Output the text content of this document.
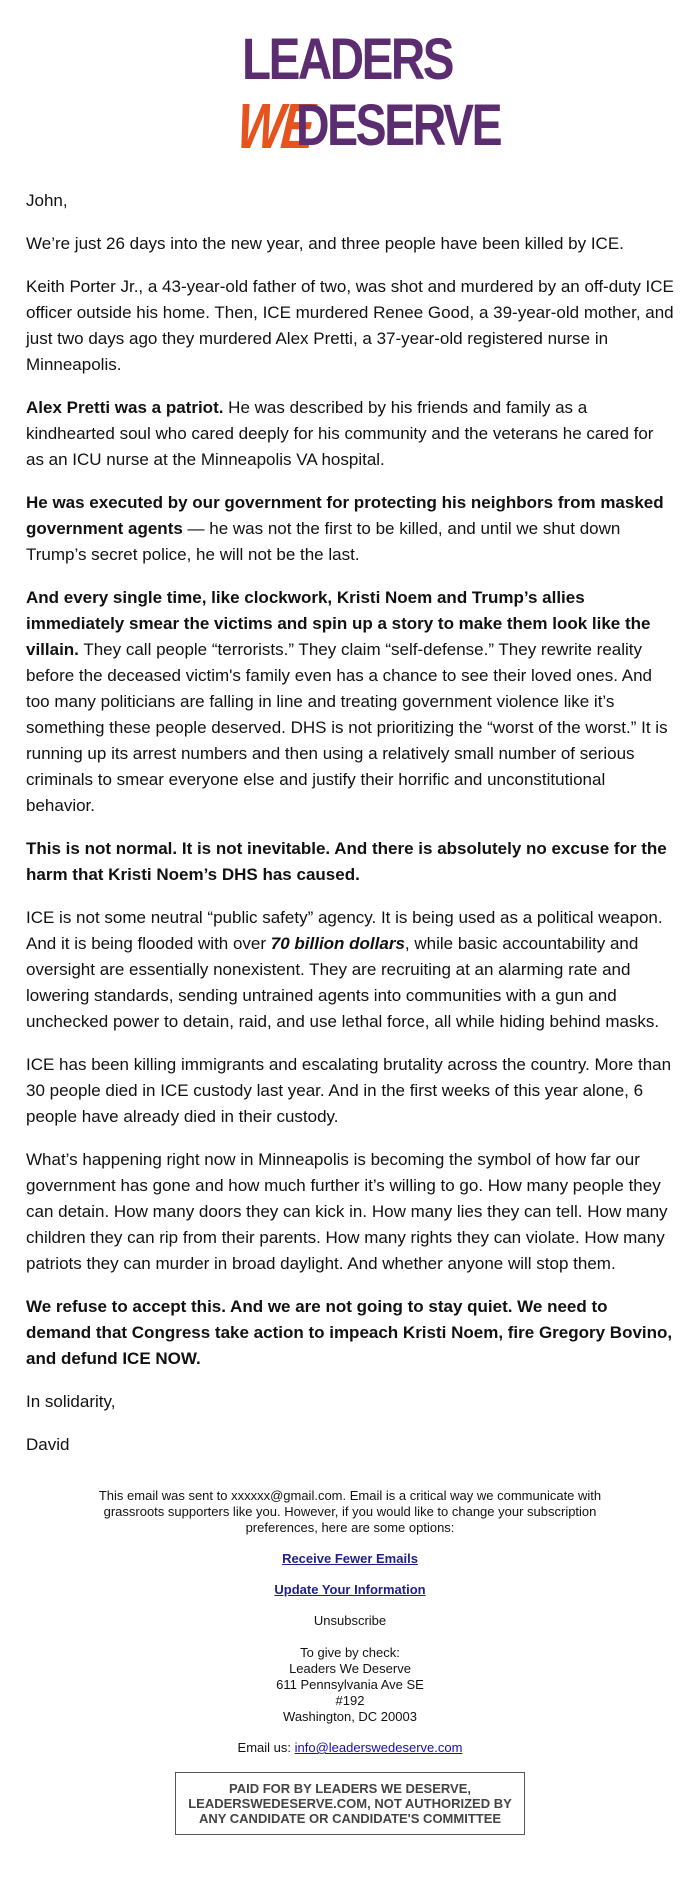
LEADERS
WE
DESERVE

John,

We’re just 26 days into the new year, and three people have been killed by ICE.

Keith Porter Jr., a 43-year-old father of two, was shot and murdered by an off-duty ICE officer outside his home. Then, ICE murdered Renee Good, a 39-year-old mother, and just two days ago they murdered Alex Pretti, a 37-year-old registered nurse in Minneapolis.

Alex Pretti was a patriot. He was described by his friends and family as a kindhearted soul who cared deeply for his community and the veterans he cared for as an ICU nurse at the Minneapolis VA hospital.

He was executed by our government for protecting his neighbors from masked government agents — he was not the first to be killed, and until we shut down Trump’s secret police, he will not be the last.

And every single time, like clockwork, Kristi Noem and Trump’s allies immediately smear the victims and spin up a story to make them look like the villain. They call people “terrorists.” They claim “self-defense.” They rewrite reality before the deceased victim's family even has a chance to see their loved ones. And too many politicians are falling in line and treating government violence like it’s something these people deserved. DHS is not prioritizing the “worst of the worst.” It is running up its arrest numbers and then using a relatively small number of serious criminals to smear everyone else and justify their horrific and unconstitutional behavior.

This is not normal. It is not inevitable. And there is absolutely no excuse for the harm that Kristi Noem’s DHS has caused.

ICE is not some neutral “public safety” agency. It is being used as a political weapon. And it is being flooded with over 70 billion dollars, while basic accountability and oversight are essentially nonexistent. They are recruiting at an alarming rate and lowering standards, sending untrained agents into communities with a gun and unchecked power to detain, raid, and use lethal force, all while hiding behind masks.

ICE has been killing immigrants and escalating brutality across the country. More than 30 people died in ICE custody last year. And in the first weeks of this year alone, 6 people have already died in their custody.

What’s happening right now in Minneapolis is becoming the symbol of how far our government has gone and how much further it’s willing to go. How many people they can detain. How many doors they can kick in. How many lies they can tell. How many children they can rip from their parents. How many rights they can violate. How many patriots they can murder in broad daylight. And whether anyone will stop them.

We refuse to accept this. And we are not going to stay quiet. We need to demand that Congress take action to impeach Kristi Noem, fire Gregory Bovino, and defund ICE NOW.

In solidarity,

David

This email was sent to xxxxxx@gmail.com. Email is a critical way we communicate with grassroots supporters like you. However, if you would like to change your subscription preferences, here are some options:
Receive Fewer Emails
Update Your Information
Unsubscribe
To give by check:
Leaders We Deserve
611 Pennsylvania Ave SE
#192
Washington, DC 20003
Email us: info@leaderswedeserve.com
PAID FOR BY LEADERS WE DESERVE, LEADERSWEDESERVE.COM, NOT AUTHORIZED BY ANY CANDIDATE OR CANDIDATE'S COMMITTEE
